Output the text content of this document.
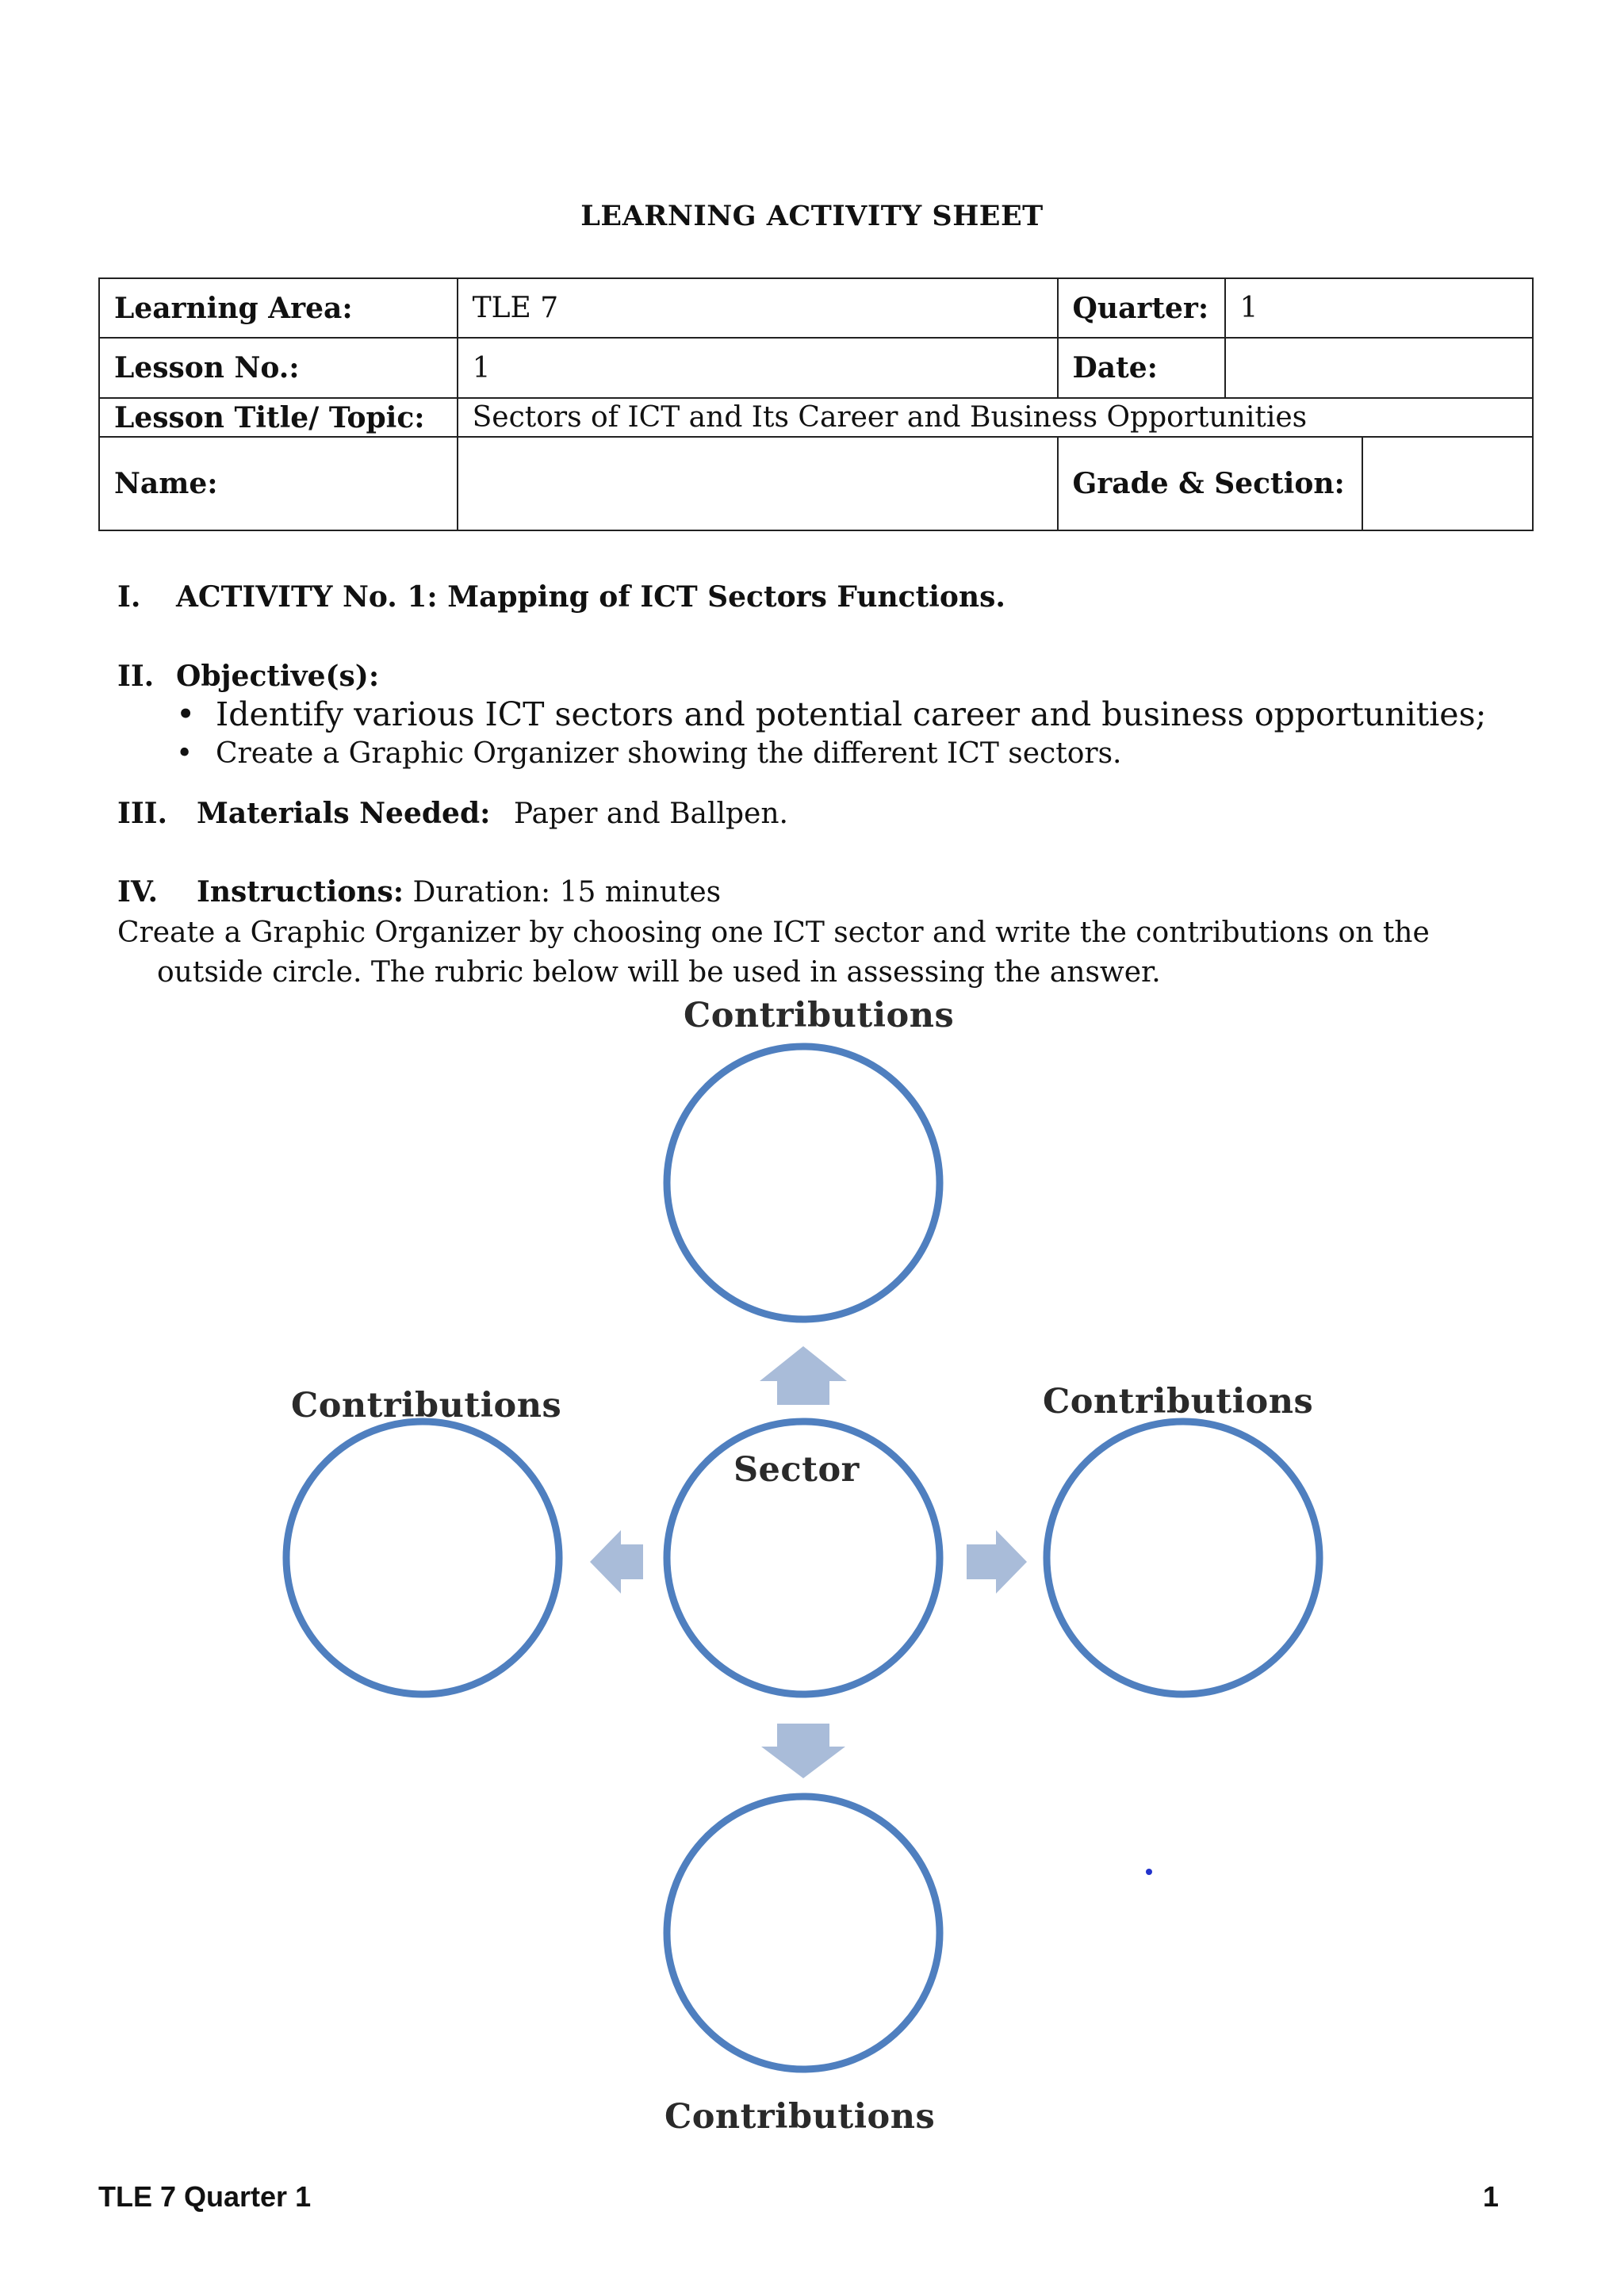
LEARNING ACTIVITY SHEET
Learning Area:	TLE 7	Quarter:	1	
Lesson No.:	1	Date:		
Lesson Title/ Topic:	Sectors of ICT and Its Career and Business Opportunities			
Name:		Grade & Section:		
I. ACTIVITY No. 1: Mapping of ICT Sectors Functions.
II. Objective(s):
• Identify various ICT sectors and potential career and business opportunities;
• Create a Graphic Organizer showing the different ICT sectors.
III. Materials Needed: Paper and Ballpen.
IV. Instructions: Duration: 15 minutes
Create a Graphic Organizer by choosing one ICT sector and write the contributions on the
outside circle. The rubric below will be used in assessing the answer.
Contributions
Contributions	Contributions
Sector
Contributions
TLE 7 Quarter 1	1
